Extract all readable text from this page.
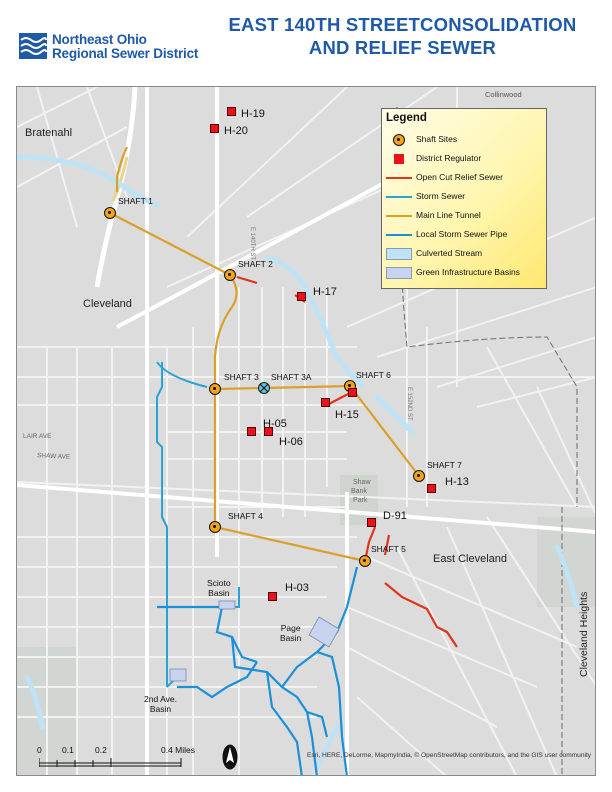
Northeast Ohio
Regional Sewer District
EAST 140TH STREETCONSOLIDATION
AND RELIEF SEWER
SHAFT 1
SHAFT 2
SHAFT 3 SHAFT 3A	SHAFT 6
SHAFT 7
SHAFT 4
SHAFT 5
H-19
H-20
H-17
H-15
H-05
H-06
H-13
D-91
H-03
Bratenahl
Cleveland
East Cleveland
Cleveland Heights
Collinwood
Shaw
Bank
Park
SHAW AVE
LAIR AVE
E 152ND ST
E 140TH ST
Scioto
Basin
Page
Basin
2nd Ave.
Basin
Legend
Shaft Sites
District Regulator
Open Cut Relief Sewer
Storm Sewer
Main Line Tunnel
Local Storm Sewer Pipe
Culverted Stream
Green Infrastructure Basins
0 0.1 0.2	0.4 Miles
Esri, HERE, DeLorme, MapmyIndia, © OpenStreetMap contributors, and the GIS user community
